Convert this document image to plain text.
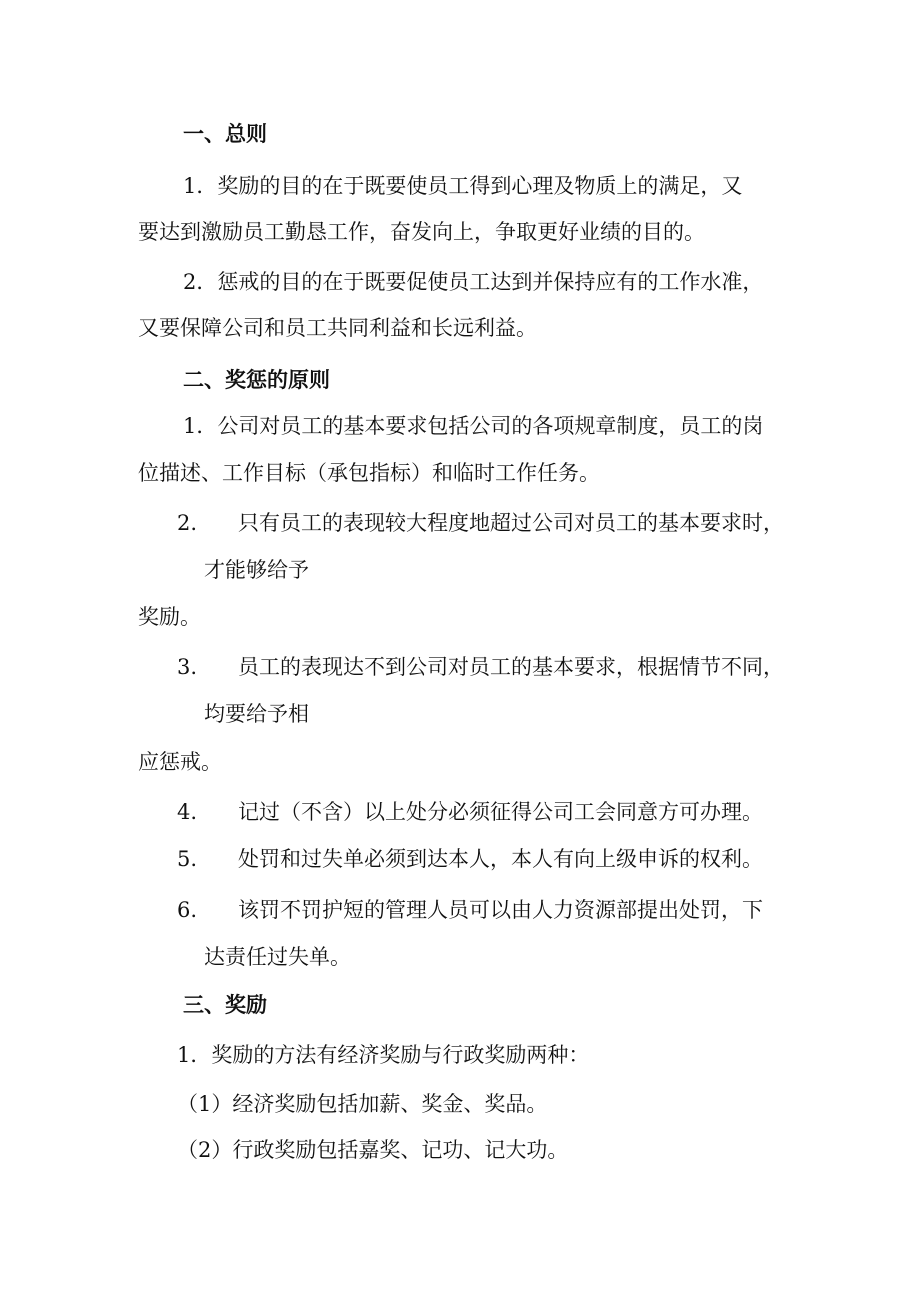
一、总则
1．奖励的目的在于既要使员工得到心理及物质上的满足，又
要达到激励员工勤恳工作，奋发向上，争取更好业绩的目的。
2．惩戒的目的在于既要促使员工达到并保持应有的工作水准，
又要保障公司和员工共同利益和长远利益。
二、奖惩的原则
1．公司对员工的基本要求包括公司的各项规章制度，员工的岗
位描述、工作目标（承包指标）和临时工作任务。
2. 只有员工的表现较大程度地超过公司对员工的基本要求时，
才能够给予
奖励。
3. 员工的表现达不到公司对员工的基本要求，根据情节不同，
均要给予相
应惩戒。
4. 记过（不含）以上处分必须征得公司工会同意方可办理。
5. 处罚和过失单必须到达本人，本人有向上级申诉的权利。
6. 该罚不罚护短的管理人员可以由人力资源部提出处罚，下
达责任过失单。
三、奖励
1．奖励的方法有经济奖励与行政奖励两种：
（1）经济奖励包括加薪、奖金、奖品。
（2）行政奖励包括嘉奖、记功、记大功。
